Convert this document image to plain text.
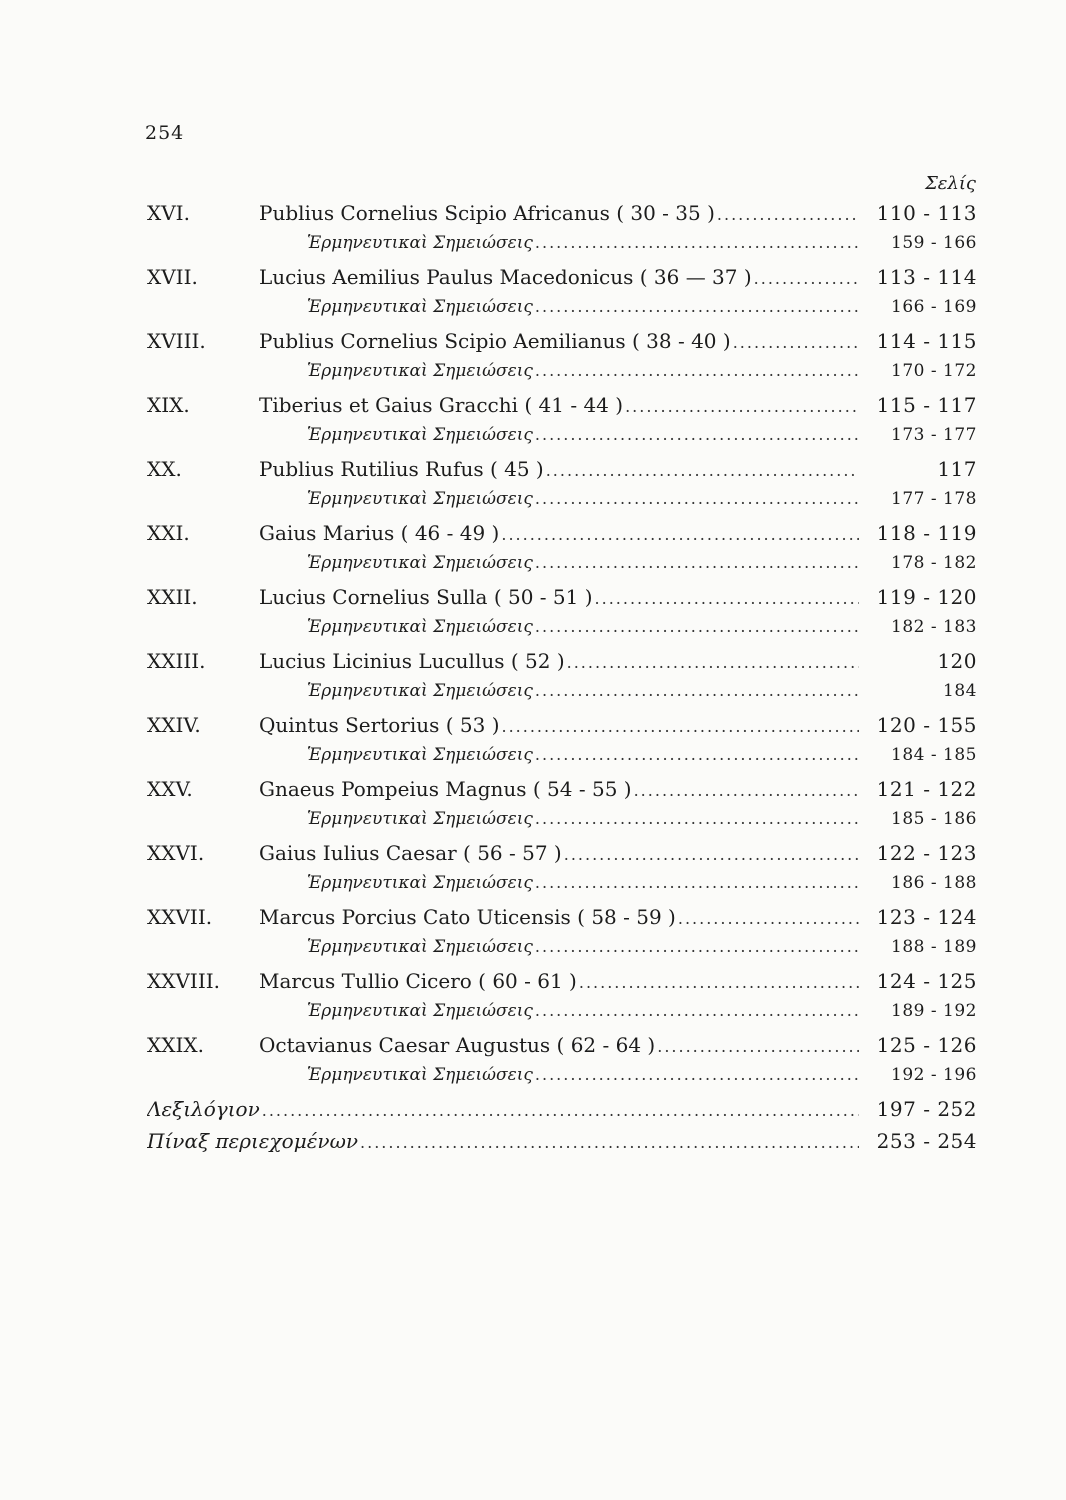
254
Σελίς
XVI.	Publius Cornelius Scipio Africanus ( 30 - 35 ) .....	110 - 113
Ἑρμηνευτικαὶ Σημειώσεις .....	159 - 166
XVII.	Lucius Aemilius Paulus Macedonicus ( 36 — 37 ) .....	113 - 114
Ἑρμηνευτικαὶ Σημειώσεις .....	166 - 169
XVIII.	Publius Cornelius Scipio Aemilianus ( 38 - 40 ) .....	114 - 115
Ἑρμηνευτικαὶ Σημειώσεις .....	170 - 172
XIX.	Tiberius et Gaius Gracchi ( 41 - 44 ) .....	115 - 117
Ἑρμηνευτικαὶ Σημειώσεις .....	173 - 177
XX.	Publius Rutilius Rufus ( 45 ) .....	117
Ἑρμηνευτικαὶ Σημειώσεις .....	177 - 178
XXI.	Gaius Marius ( 46 - 49 ) .....	118 - 119
Ἑρμηνευτικαὶ Σημειώσεις .....	178 - 182
XXII.	Lucius Cornelius Sulla ( 50 - 51 ) .....	119 - 120
Ἑρμηνευτικαὶ Σημειώσεις .....	182 - 183
XXIII.	Lucius Licinius Lucullus ( 52 ) .....	120
Ἑρμηνευτικαὶ Σημειώσεις .....	184
XXIV.	Quintus Sertorius ( 53 ) .....	120 - 155
Ἑρμηνευτικαὶ Σημειώσεις .....	184 - 185
XXV.	Gnaeus Pompeius Magnus ( 54 - 55 ) .....	121 - 122
Ἑρμηνευτικαὶ Σημειώσεις .....	185 - 186
XXVI.	Gaius Iulius Caesar ( 56 - 57 ) .....	122 - 123
Ἑρμηνευτικαὶ Σημειώσεις .....	186 - 188
XXVII.	Marcus Porcius Cato Uticensis ( 58 - 59 ) .....	123 - 124
Ἑρμηνευτικαὶ Σημειώσεις .....	188 - 189
XXVIII.	Marcus Tullio Cicero ( 60 - 61 ) .....	124 - 125
Ἑρμηνευτικαὶ Σημειώσεις .....	189 - 192
XXIX.	Octavianus Caesar Augustus ( 62 - 64 ) .....	125 - 126
Ἑρμηνευτικαὶ Σημειώσεις .....	192 - 196
Λεξιλόγιον .....	197 - 252
Πίναξ περιεχομένων .....	253 - 254
